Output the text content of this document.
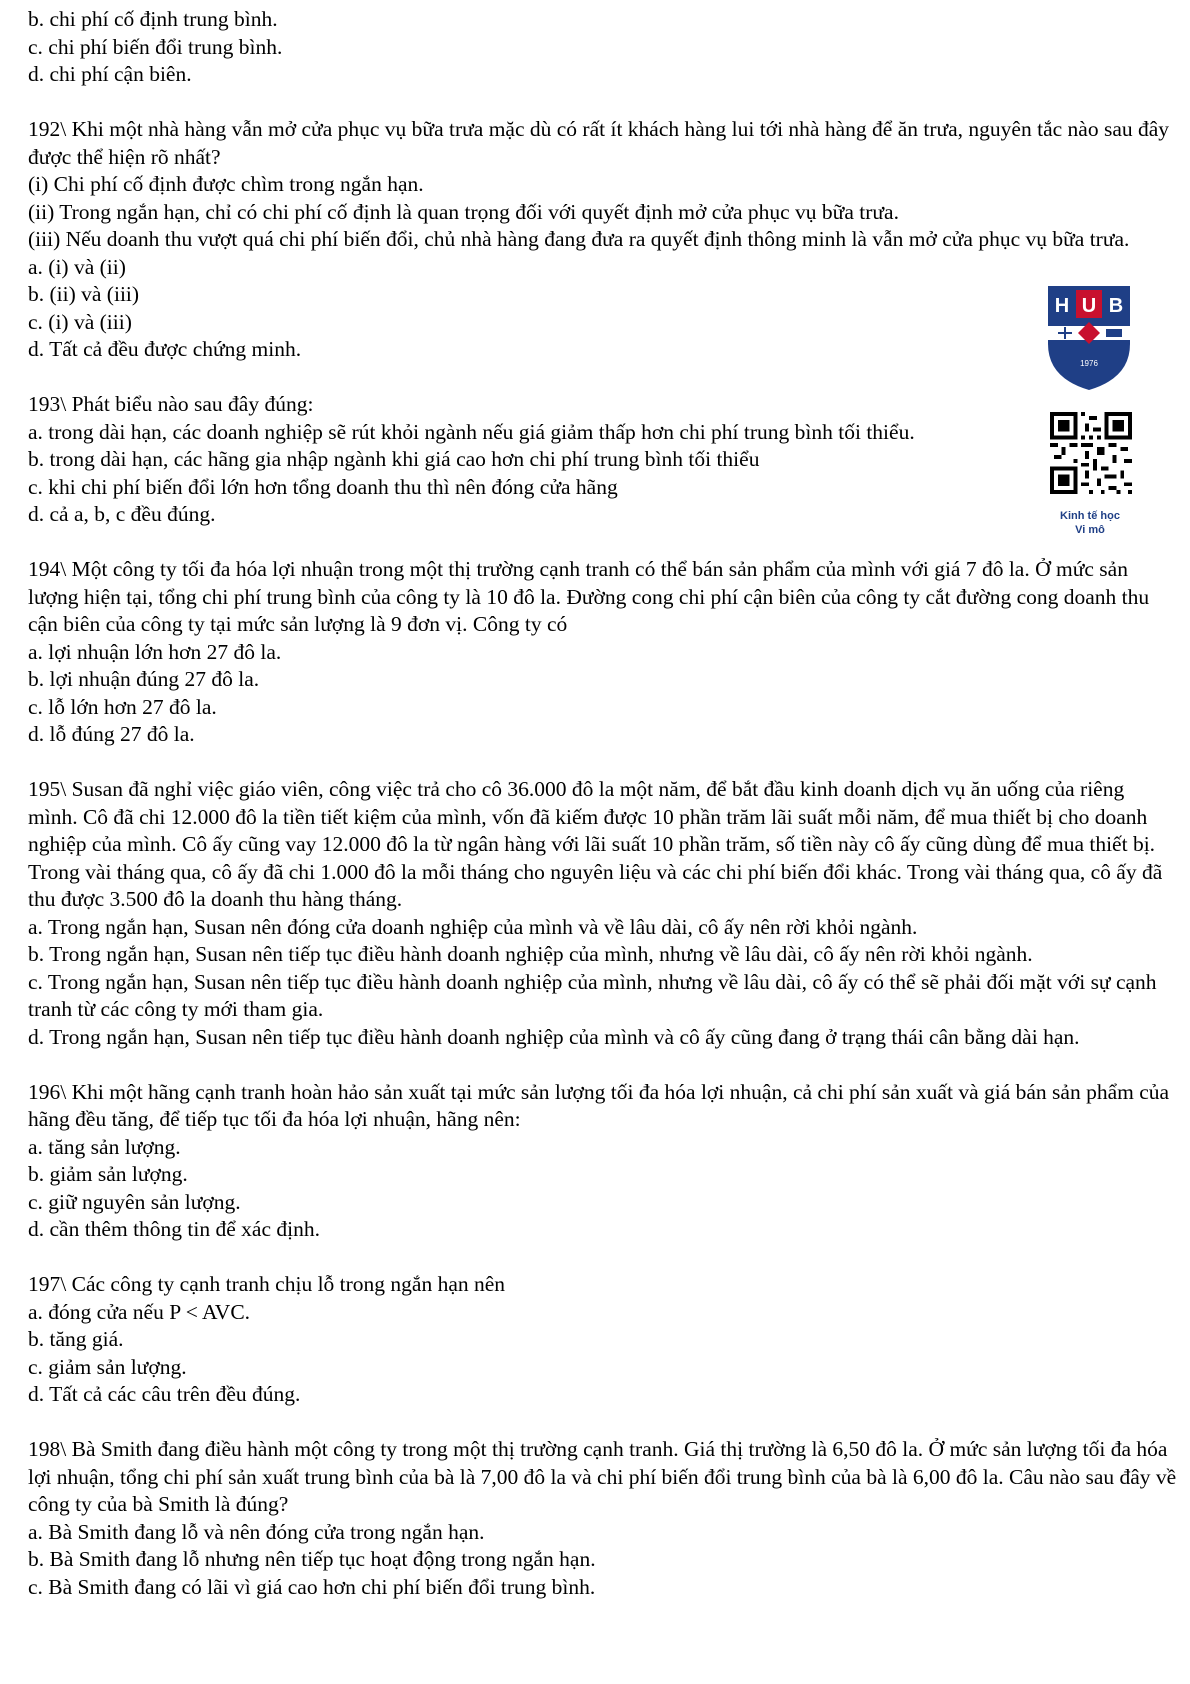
b. chi phí cố định trung bình.
c. chi phí biến đổi trung bình.
d. chi phí cận biên.
192\ Khi một nhà hàng vẫn mở cửa phục vụ bữa trưa mặc dù có rất ít khách hàng lui tới nhà hàng để ăn trưa, nguyên tắc nào sau đây được thể hiện rõ nhất?
(i) Chi phí cố định được chìm trong ngắn hạn.
(ii) Trong ngắn hạn, chỉ có chi phí cố định là quan trọng đối với quyết định mở cửa phục vụ bữa trưa.
(iii) Nếu doanh thu vượt quá chi phí biến đổi, chủ nhà hàng đang đưa ra quyết định thông minh là vẫn mở cửa phục vụ bữa trưa.
a. (i) và (ii)
b. (ii) và (iii)
c. (i) và (iii)
d. Tất cả đều được chứng minh.
193\ Phát biểu nào sau đây đúng:
a. trong dài hạn, các doanh nghiệp sẽ rút khỏi ngành nếu giá giảm thấp hơn chi phí trung bình tối thiểu.
b. trong dài hạn, các hãng gia nhập ngành khi giá cao hơn chi phí trung bình tối thiểu
c. khi chi phí biến đổi lớn hơn tổng doanh thu thì nên đóng cửa hãng
d. cả a, b, c đều đúng.
194\ Một công ty tối đa hóa lợi nhuận trong một thị trường cạnh tranh có thể bán sản phẩm của mình với giá 7 đô la. Ở mức sản lượng hiện tại, tổng chi phí trung bình của công ty là 10 đô la. Đường cong chi phí cận biên của công ty cắt đường cong doanh thu cận biên của công ty tại mức sản lượng là 9 đơn vị. Công ty có
a. lợi nhuận lớn hơn 27 đô la.
b. lợi nhuận đúng 27 đô la.
c. lỗ lớn hơn 27 đô la.
d. lỗ đúng 27 đô la.
195\ Susan đã nghỉ việc giáo viên, công việc trả cho cô 36.000 đô la một năm, để bắt đầu kinh doanh dịch vụ ăn uống của riêng mình. Cô đã chi 12.000 đô la tiền tiết kiệm của mình, vốn đã kiếm được 10 phần trăm lãi suất mỗi năm, để mua thiết bị cho doanh nghiệp của mình. Cô ấy cũng vay 12.000 đô la từ ngân hàng với lãi suất 10 phần trăm, số tiền này cô ấy cũng dùng để mua thiết bị. Trong vài tháng qua, cô ấy đã chi 1.000 đô la mỗi tháng cho nguyên liệu và các chi phí biến đổi khác. Trong vài tháng qua, cô ấy đã thu được 3.500 đô la doanh thu hàng tháng.
a. Trong ngắn hạn, Susan nên đóng cửa doanh nghiệp của mình và về lâu dài, cô ấy nên rời khỏi ngành.
b. Trong ngắn hạn, Susan nên tiếp tục điều hành doanh nghiệp của mình, nhưng về lâu dài, cô ấy nên rời khỏi ngành.
c. Trong ngắn hạn, Susan nên tiếp tục điều hành doanh nghiệp của mình, nhưng về lâu dài, cô ấy có thể sẽ phải đối mặt với sự cạnh tranh từ các công ty mới tham gia.
d. Trong ngắn hạn, Susan nên tiếp tục điều hành doanh nghiệp của mình và cô ấy cũng đang ở trạng thái cân bằng dài hạn.
196\ Khi một hãng cạnh tranh hoàn hảo sản xuất tại mức sản lượng tối đa hóa lợi nhuận, cả chi phí sản xuất và giá bán sản phẩm của hãng đều tăng, để tiếp tục tối đa hóa lợi nhuận, hãng nên:
a. tăng sản lượng.
b. giảm sản lượng.
c. giữ nguyên sản lượng.
d. cần thêm thông tin để xác định.
197\ Các công ty cạnh tranh chịu lỗ trong ngắn hạn nên
a. đóng cửa nếu P < AVC.
b. tăng giá.
c. giảm sản lượng.
d. Tất cả các câu trên đều đúng.
198\ Bà Smith đang điều hành một công ty trong một thị trường cạnh tranh. Giá thị trường là 6,50 đô la. Ở mức sản lượng tối đa hóa lợi nhuận, tổng chi phí sản xuất trung bình của bà là 7,00 đô la và chi phí biến đổi trung bình của bà là 6,00 đô la. Câu nào sau đây về công ty của bà Smith là đúng?
a. Bà Smith đang lỗ và nên đóng cửa trong ngắn hạn.
b. Bà Smith đang lỗ nhưng nên tiếp tục hoạt động trong ngắn hạn.
c. Bà Smith đang có lãi vì giá cao hơn chi phí biến đổi trung bình.
H U B
1976
Kinh tế học
Vi mô
